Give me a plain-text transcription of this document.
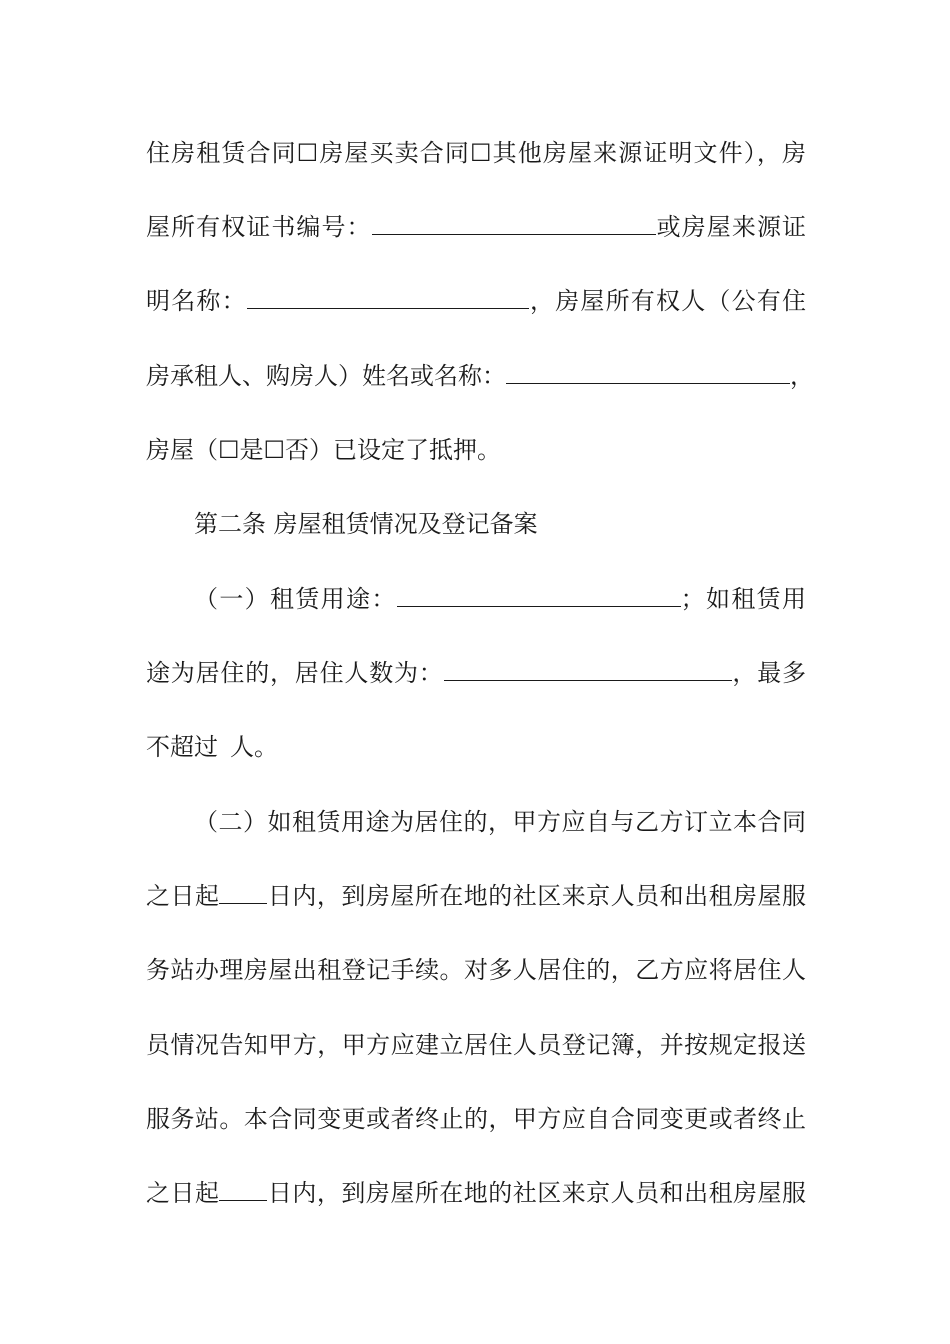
住房租赁合同☐房屋买卖合同☐其他房屋来源证明文件），房
屋所有权证书编号：	或房屋来源证
明名称：	，房屋所有权人（公有住
房承租人、购房人）姓名或名称：	，
房屋（☐是☐否）已设定了抵押。
第二条 房屋租赁情况及登记备案
（一）租赁用途：	；如租赁用
途为居住的，居住人数为：	，最多
不超过 人。
（二）如租赁用途为居住的，甲方应自与乙方订立本合同
之日起 日内，到房屋所在地的社区来京人员和出租房屋服
务站办理房屋出租登记手续。对多人居住的，乙方应将居住人
员情况告知甲方，甲方应建立居住人员登记簿，并按规定报送
服务站。本合同变更或者终止的，甲方应自合同变更或者终止
之日起 日内，到房屋所在地的社区来京人员和出租房屋服
